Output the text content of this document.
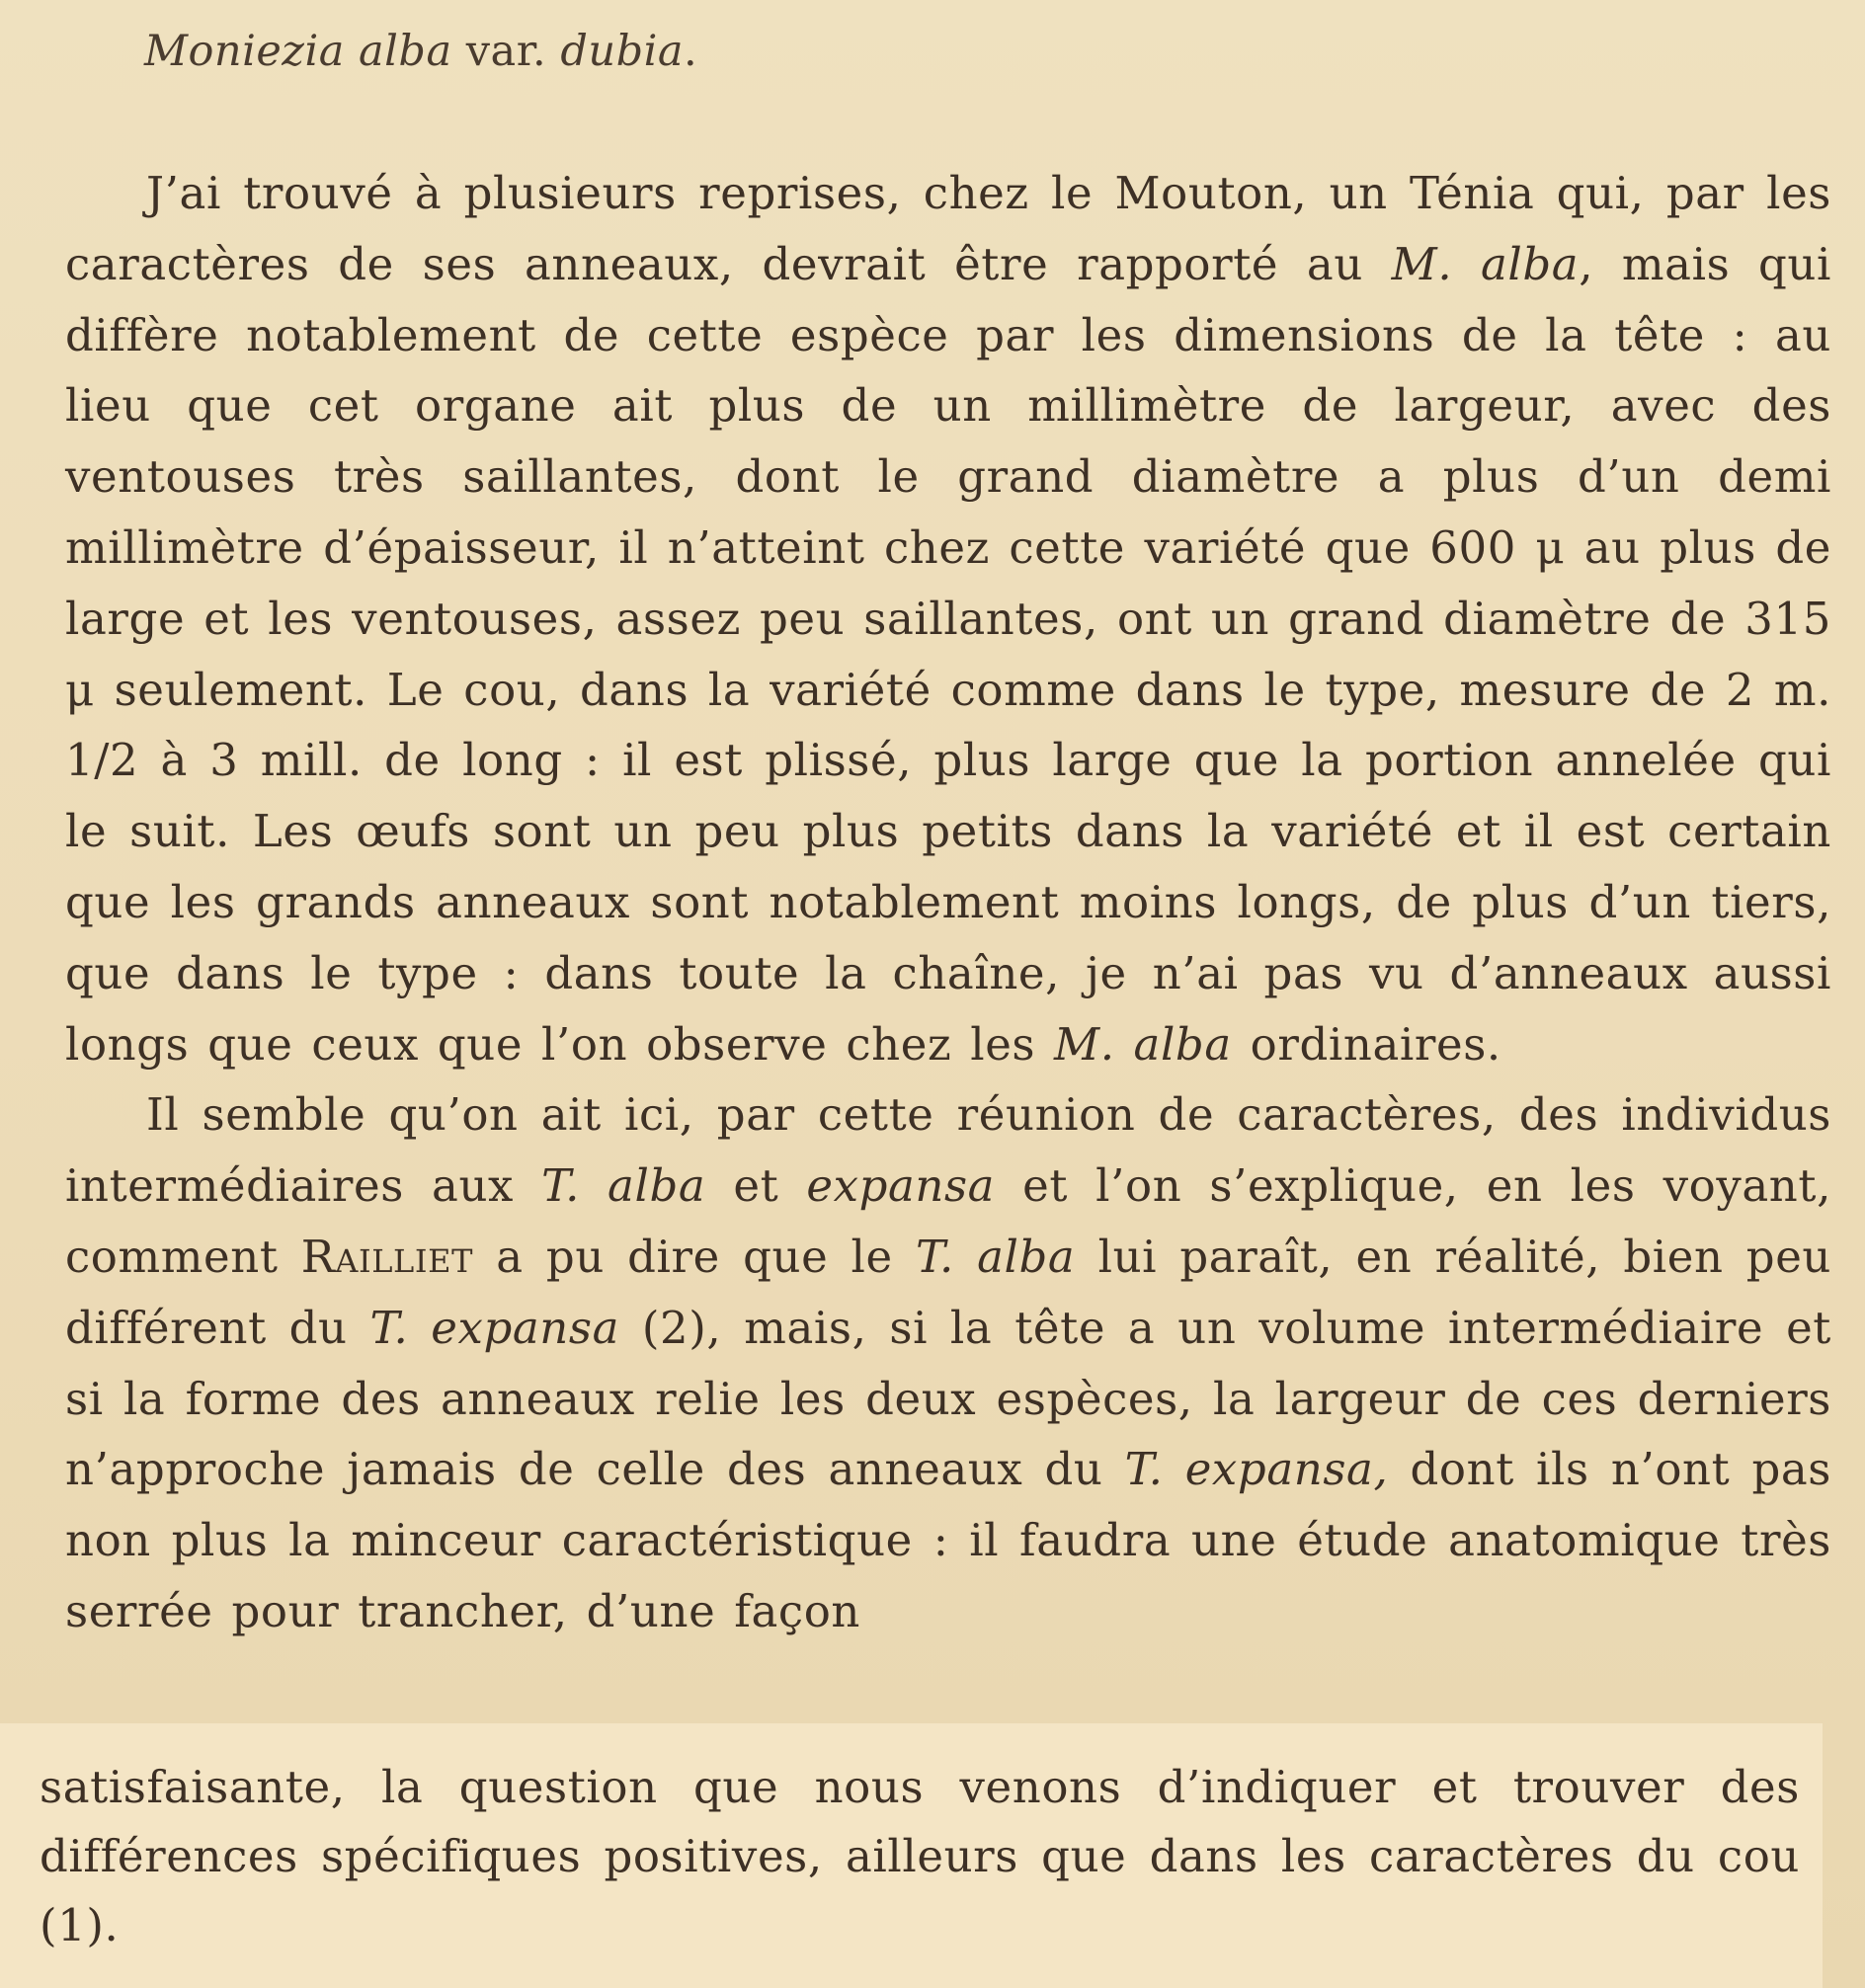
Moniezia alba var. dubia.

J’ai trouvé à plusieurs reprises, chez le Mouton, un Ténia qui, par les caractères de ses anneaux, devrait être rapporté au M. alba, mais qui diffère notablement de cette espèce par les dimensions de la tête : au lieu que cet organe ait plus de un millimètre de largeur, avec des ventouses très saillantes, dont le grand diamètre a plus d’un demi millimètre d’épaisseur, il n’atteint chez cette variété que 600 μ au plus de large et les ventouses, assez peu saillantes, ont un grand diamètre de 315 μ seulement. Le cou, dans la variété comme dans le type, mesure de 2 m. 1/2 à 3 mill. de long : il est plissé, plus large que la portion annelée qui le suit. Les œufs sont un peu plus petits dans la variété et il est certain que les grands anneaux sont notablement moins longs, de plus d’un tiers, que dans le type : dans toute la chaîne, je n’ai pas vu d’anneaux aussi longs que ceux que l’on observe chez les M. alba ordinaires.

Il semble qu’on ait ici, par cette réunion de caractères, des individus intermédiaires aux T. alba et expansa et l’on s’explique, en les voyant, comment Railliet a pu dire que le T. alba lui paraît, en réalité, bien peu différent du T. expansa (2), mais, si la tête a un volume intermédiaire et si la forme des anneaux relie les deux espèces, la largeur de ces derniers n’approche jamais de celle des anneaux du T. expansa, dont ils n’ont pas non plus la minceur caractéristique : il faudra une étude anatomique très serrée pour trancher, d’une façon

satisfaisante, la question que nous venons d’indiquer et trouver des différences spécifiques positives, ailleurs que dans les caractères du cou (1).
